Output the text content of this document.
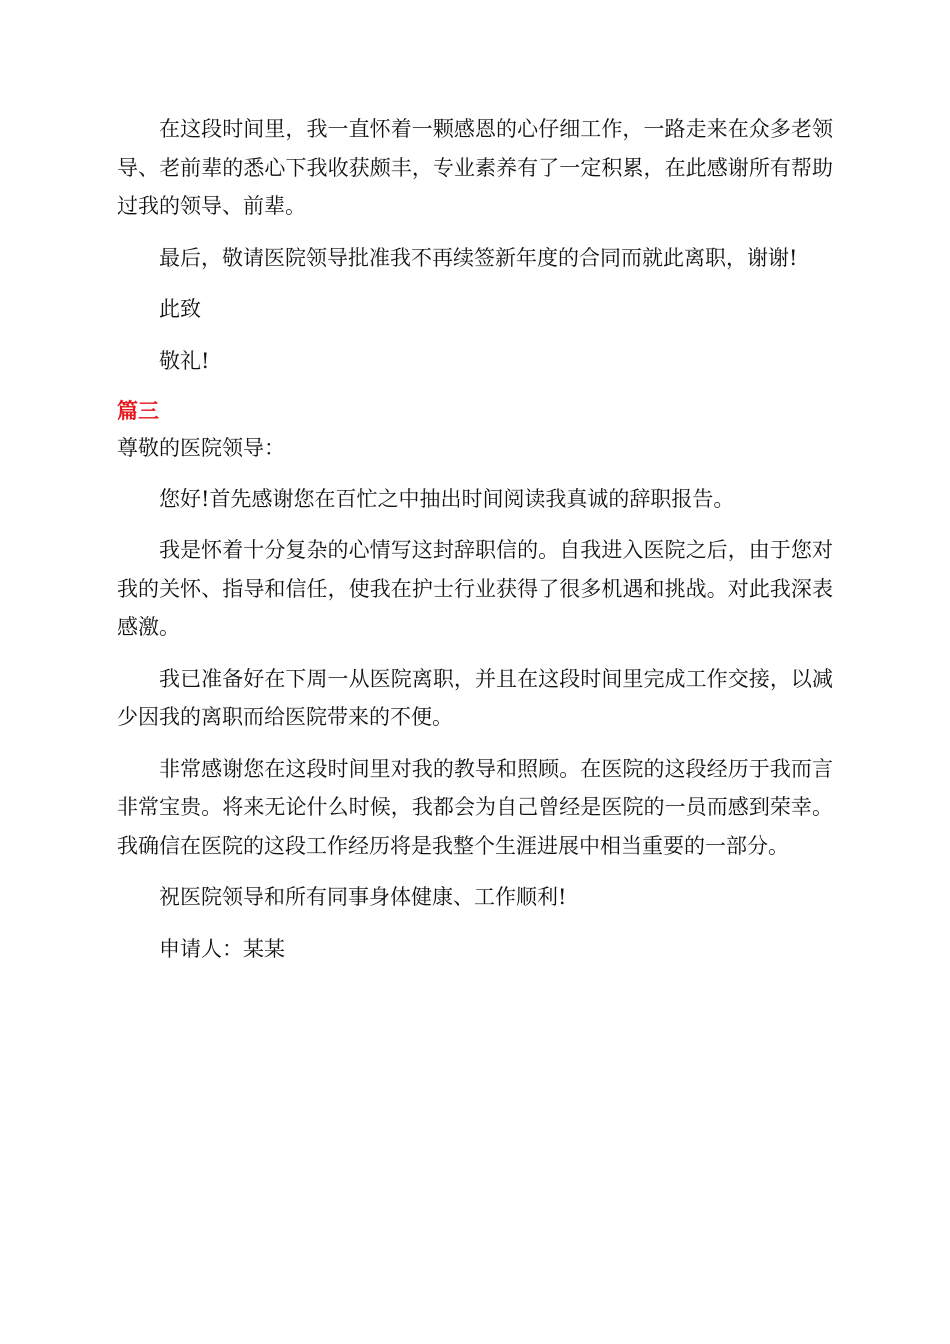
在这段时间里，我一直怀着一颗感恩的心仔细工作，一路走来在众多老领导、老前辈的悉心下我收获颇丰，专业素养有了一定积累，在此感谢所有帮助过我的领导、前辈。

最后，敬请医院领导批准我不再续签新年度的合同而就此离职，谢谢!

此致

敬礼!

篇三

尊敬的医院领导：

您好!首先感谢您在百忙之中抽出时间阅读我真诚的辞职报告。

我是怀着十分复杂的心情写这封辞职信的。自我进入医院之后，由于您对我的关怀、指导和信任，使我在护士行业获得了很多机遇和挑战。对此我深表感激。

我已准备好在下周一从医院离职，并且在这段时间里完成工作交接，以减少因我的离职而给医院带来的不便。

非常感谢您在这段时间里对我的教导和照顾。在医院的这段经历于我而言非常宝贵。将来无论什么时候，我都会为自己曾经是医院的一员而感到荣幸。我确信在医院的这段工作经历将是我整个生涯进展中相当重要的一部分。

祝医院领导和所有同事身体健康、工作顺利!

申请人：某某
